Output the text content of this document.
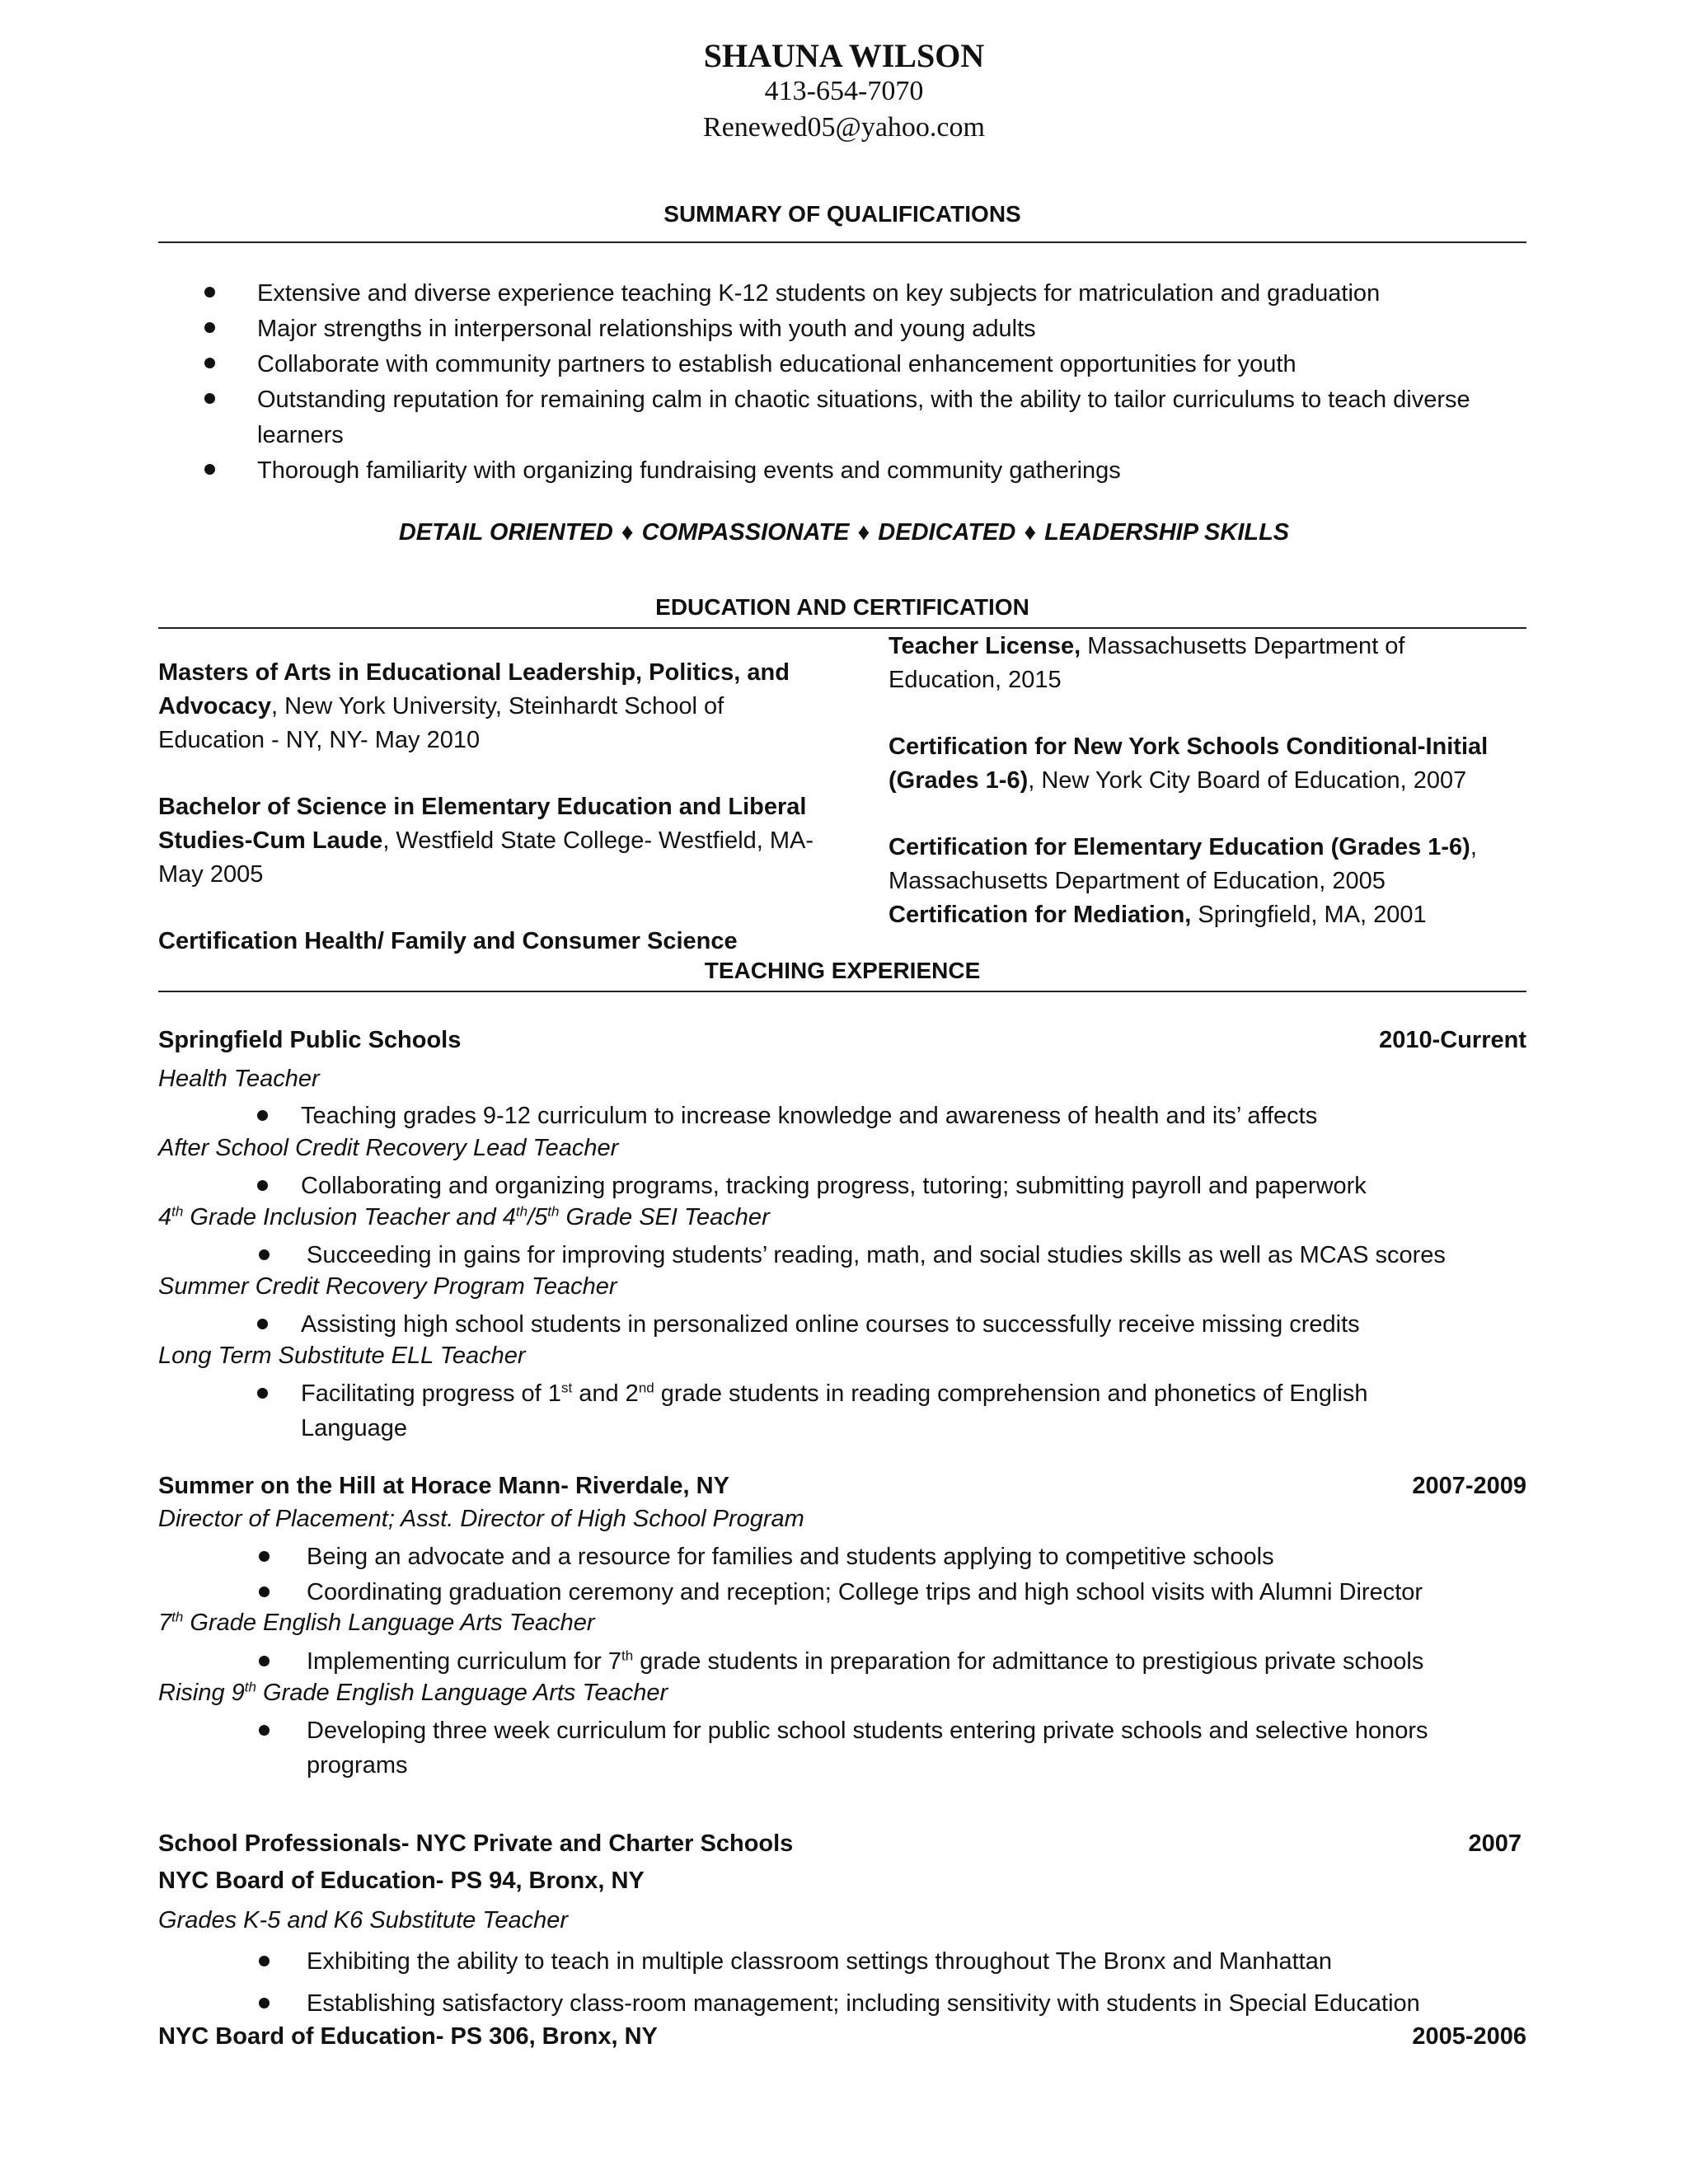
SHAUNA WILSON
413-654-7070
Renewed05@yahoo.com
SUMMARY OF QUALIFICATIONS
Extensive and diverse experience teaching K-12 students on key subjects for matriculation and graduation
Major strengths in interpersonal relationships with youth and young adults
Collaborate with community partners to establish educational enhancement opportunities for youth
Outstanding reputation for remaining calm in chaotic situations, with the ability to tailor curriculums to teach diverse learners
Thorough familiarity with organizing fundraising events and community gatherings
DETAIL ORIENTED ♦ COMPASSIONATE ♦ DEDICATED ♦ LEADERSHIP SKILLS
EDUCATION AND CERTIFICATION
Masters of Arts in Educational Leadership, Politics, and Advocacy, New York University, Steinhardt School of Education - NY, NY- May 2010
Bachelor of Science in Elementary Education and Liberal Studies-Cum Laude, Westfield State College- Westfield, MA- May 2005
Certification Health/ Family and Consumer Science
Teacher License, Massachusetts Department of Education, 2015
Certification for New York Schools Conditional-Initial (Grades 1-6), New York City Board of Education, 2007
Certification for Elementary Education (Grades 1-6), Massachusetts Department of Education, 2005
Certification for Mediation, Springfield, MA, 2001
TEACHING EXPERIENCE
Springfield Public Schools	2010-Current
Health Teacher
Teaching grades 9-12 curriculum to increase knowledge and awareness of health and its’ affects
After School Credit Recovery Lead Teacher
Collaborating and organizing programs, tracking progress, tutoring; submitting payroll and paperwork
4th Grade Inclusion Teacher and 4th/5th Grade SEI Teacher
Succeeding in gains for improving students’ reading, math, and social studies skills as well as MCAS scores
Summer Credit Recovery Program Teacher
Assisting high school students in personalized online courses to successfully receive missing credits
Long Term Substitute ELL Teacher
Facilitating progress of 1st and 2nd grade students in reading comprehension and phonetics of English Language
Summer on the Hill at Horace Mann- Riverdale, NY	2007-2009
Director of Placement; Asst. Director of High School Program
Being an advocate and a resource for families and students applying to competitive schools
Coordinating graduation ceremony and reception; College trips and high school visits with Alumni Director
7th Grade English Language Arts Teacher
Implementing curriculum for 7th grade students in preparation for admittance to prestigious private schools
Rising 9th Grade English Language Arts Teacher
Developing three week curriculum for public school students entering private schools and selective honors programs
School Professionals- NYC Private and Charter Schools	2007
NYC Board of Education- PS 94, Bronx, NY
Grades K-5 and K6 Substitute Teacher
Exhibiting the ability to teach in multiple classroom settings throughout The Bronx and Manhattan
Establishing satisfactory class-room management; including sensitivity with students in Special Education
NYC Board of Education- PS 306, Bronx, NY	2005-2006
